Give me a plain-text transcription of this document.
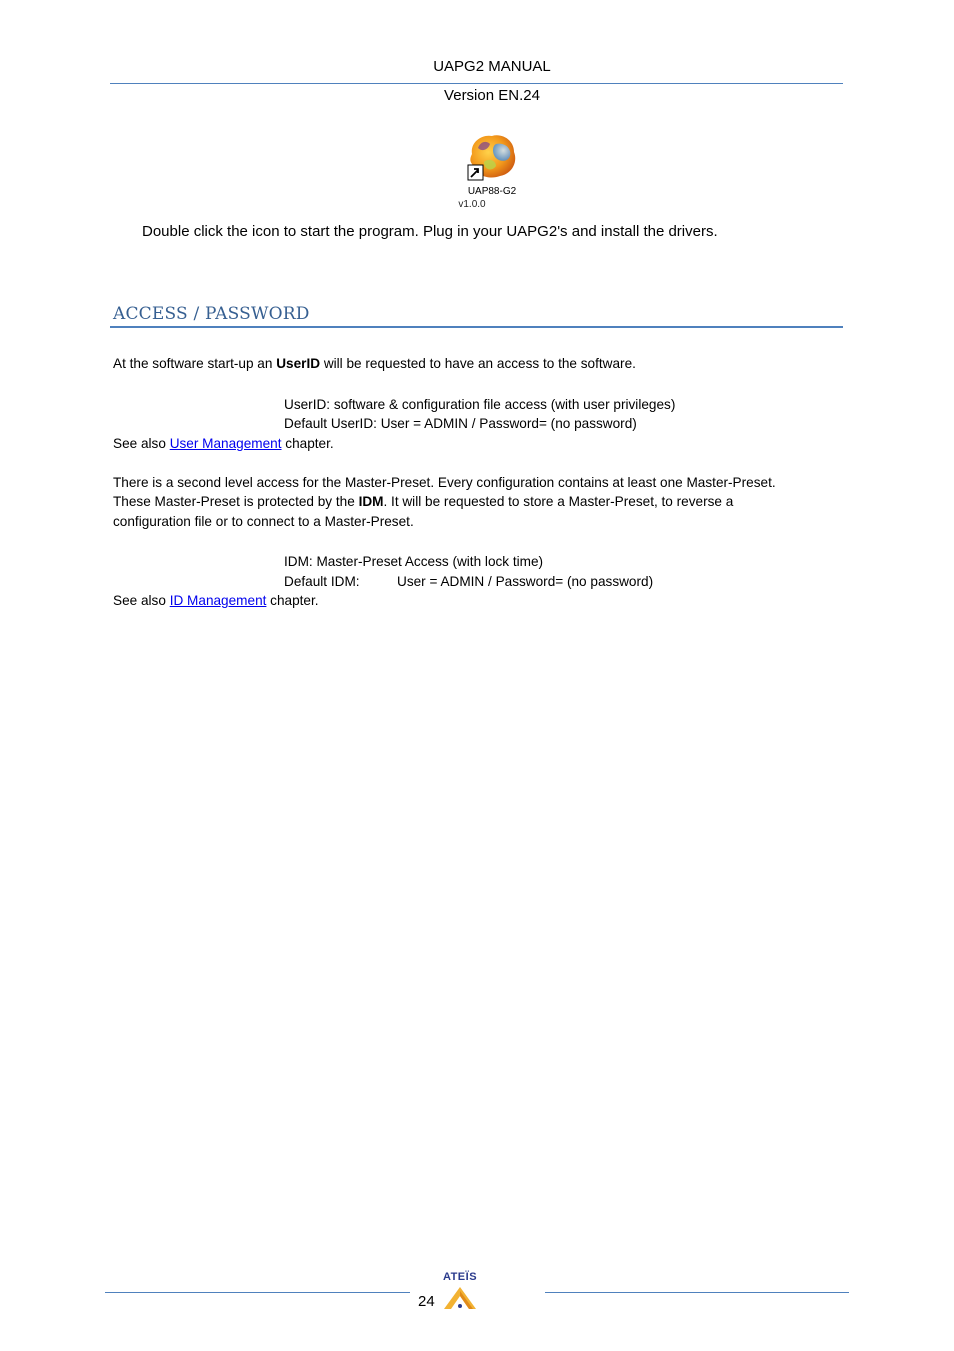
UAPG2 MANUAL
Version EN.24
UAP88-G2
v1.0.0
Double click the icon to start the program. Plug in your UAPG2's and install the drivers.
ACCESS / PASSWORD
At the software start-up an UserID will be requested to have an access to the software.
UserID: software & configuration file access (with user privileges)
Default UserID: User = ADMIN / Password= (no password)
See also User Management chapter.
There is a second level access for the Master-Preset. Every configuration contains at least one Master-Preset.
These Master-Preset is protected by the IDM. It will be requested to store a Master-Preset, to reverse a
configuration file or to connect to a Master-Preset.
IDM: Master-Preset Access (with lock time)
Default IDM:	User = ADMIN / Password= (no password)
See also ID Management chapter.
24
ATEÏS
